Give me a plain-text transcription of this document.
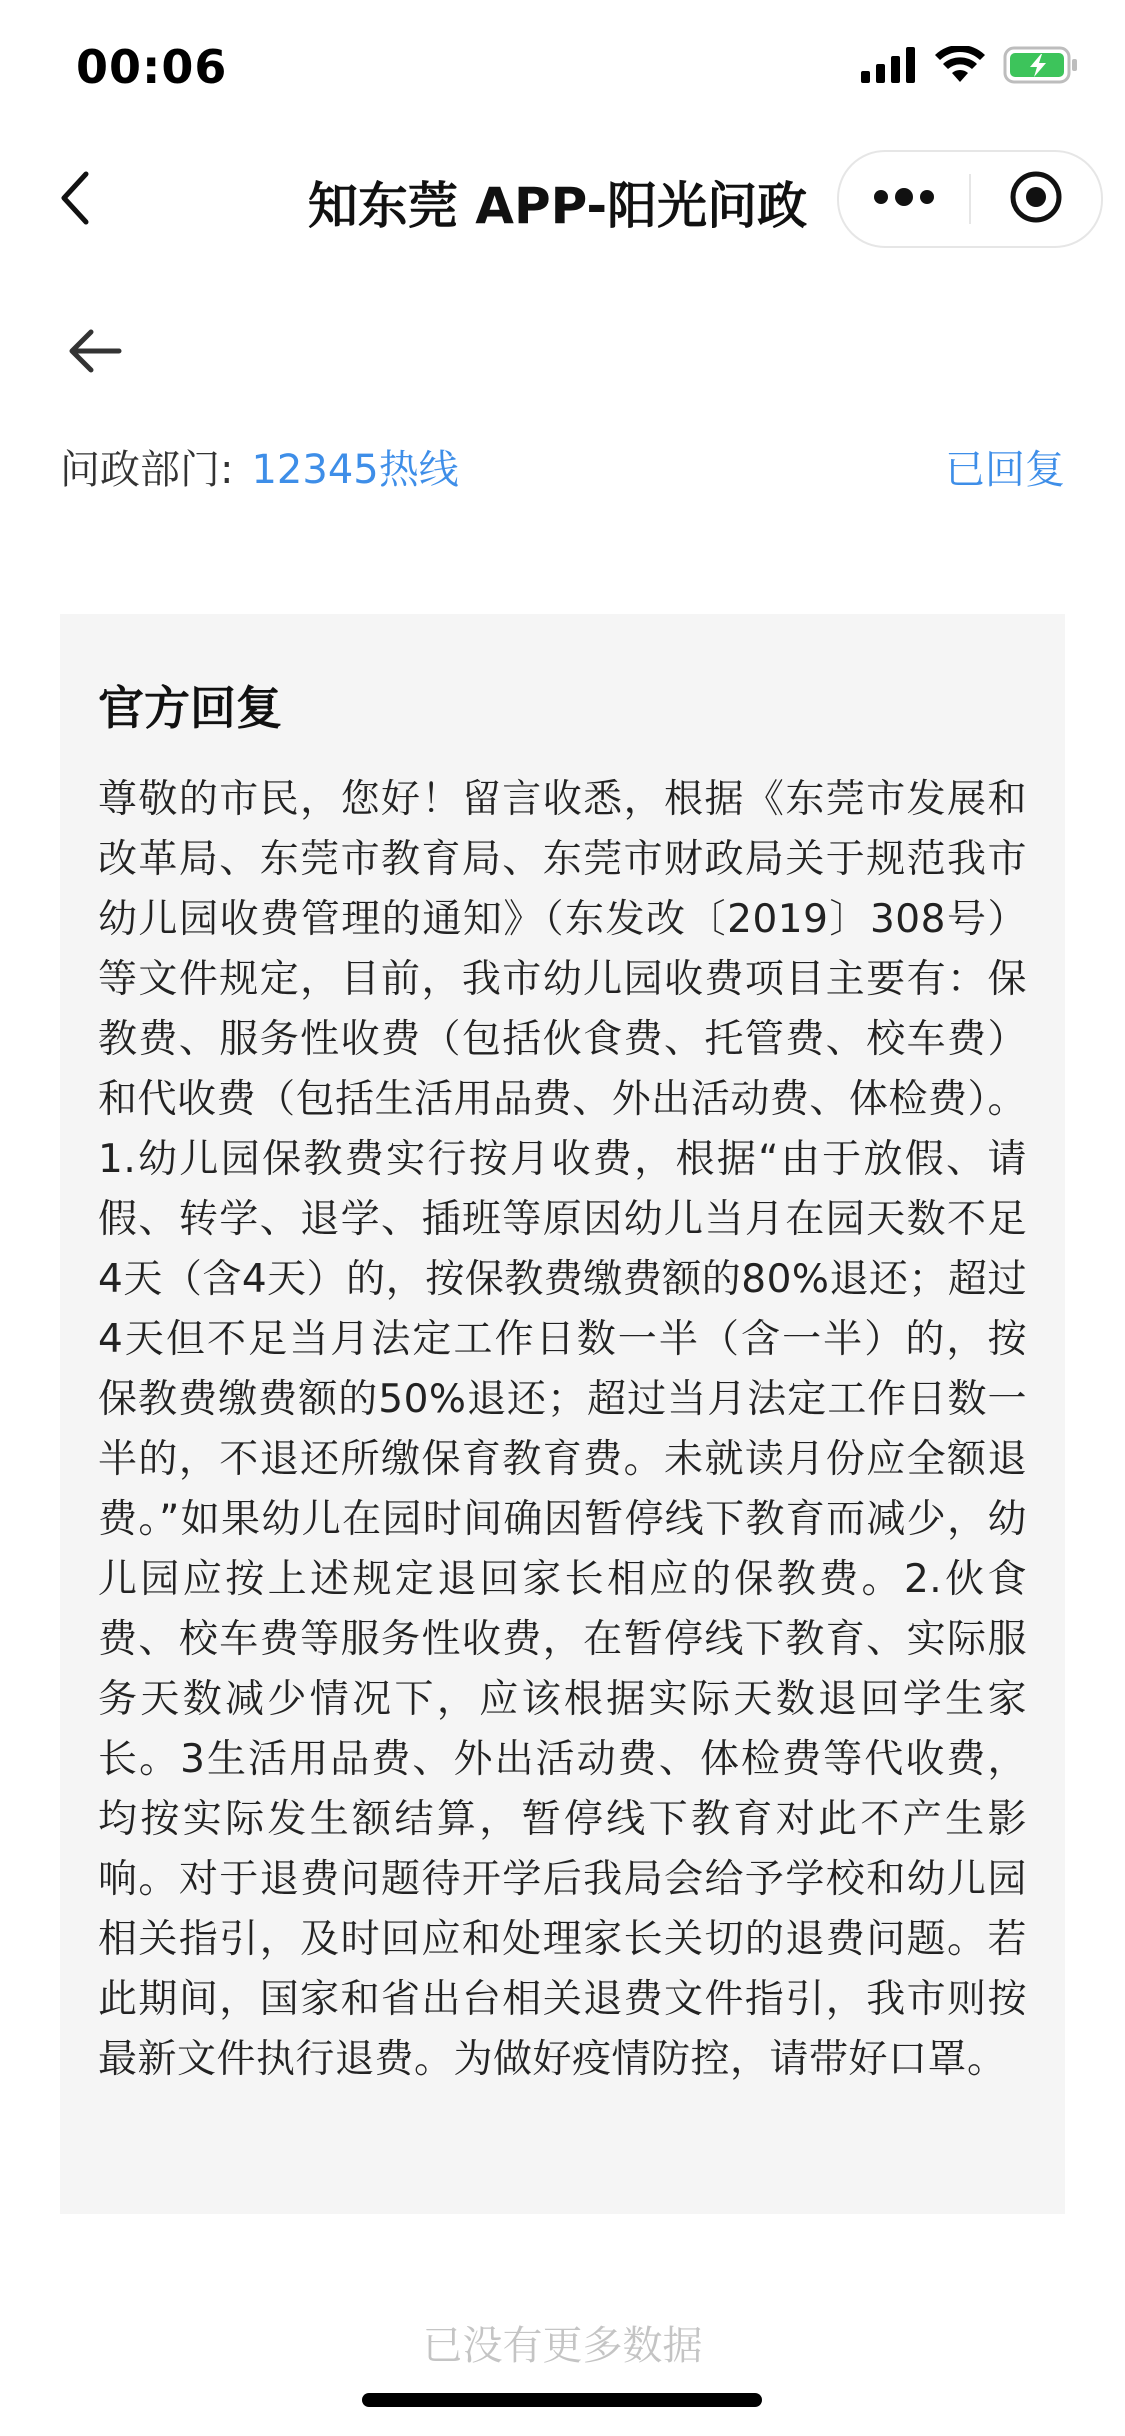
00:06
知东莞 APP-阳光问政
问政部门: 12345热线	已回复
官方回复
尊敬的市民，您好！留言收悉，根据《东莞市发展和改革局、东莞市教育局、东莞市财政局关于规范我市幼儿园收费管理的通知》（东发改〔2019〕308号）等文件规定，目前，我市幼儿园收费项目主要有：保教费、服务性收费（包括伙食费、托管费、校车费）和代收费（包括生活用品费、外出活动费、体检费）。1.幼儿园保教费实行按月收费，根据“由于放假、请假、转学、退学、插班等原因幼儿当月在园天数不足4天（含4天）的，按保教费缴费额的80%退还；超过4天但不足当月法定工作日数一半（含一半）的，按保教费缴费额的50%退还；超过当月法定工作日数一半的，不退还所缴保育教育费。未就读月份应全额退费。”如果幼儿在园时间确因暂停线下教育而减少，幼儿园应按上述规定退回家长相应的保教费。2.伙食费、校车费等服务性收费，在暂停线下教育、实际服务天数减少情况下，应该根据实际天数退回学生家长。3生活用品费、外出活动费、体检费等代收费，均按实际发生额结算，暂停线下教育对此不产生影响。对于退费问题待开学后我局会给予学校和幼儿园相关指引，及时回应和处理家长关切的退费问题。若此期间，国家和省出台相关退费文件指引，我市则按最新文件执行退费。为做好疫情防控，请带好口罩。
已没有更多数据
